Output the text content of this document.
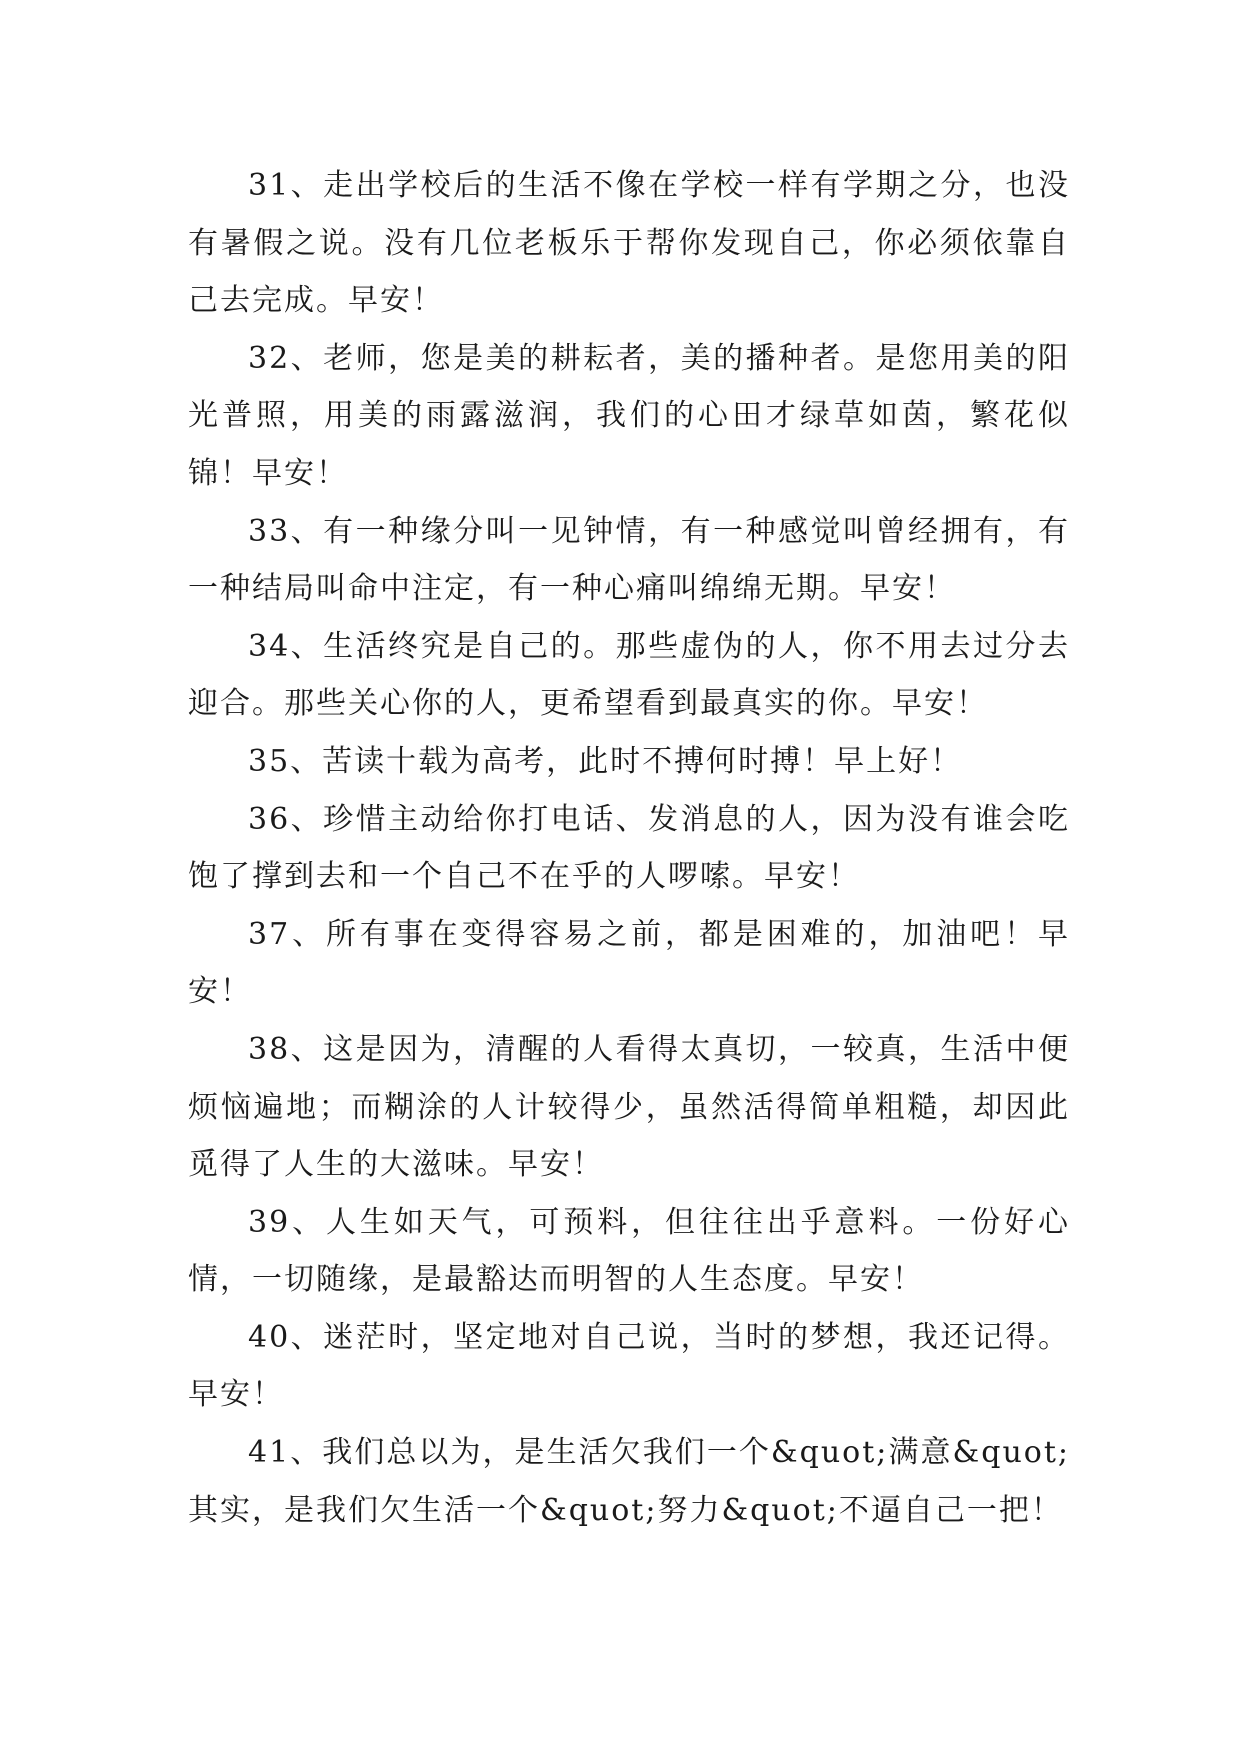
31、走出学校后的生活不像在学校一样有学期之分，也没有暑假之说。没有几位老板乐于帮你发现自己，你必须依靠自己去完成。早安！

32、老师，您是美的耕耘者，美的播种者。是您用美的阳光普照，用美的雨露滋润，我们的心田才绿草如茵，繁花似锦！早安！

33、有一种缘分叫一见钟情，有一种感觉叫曾经拥有，有一种结局叫命中注定，有一种心痛叫绵绵无期。早安！

34、生活终究是自己的。那些虚伪的人，你不用去过分去迎合。那些关心你的人，更希望看到最真实的你。早安！

35、苦读十载为高考，此时不搏何时搏！早上好！

36、珍惜主动给你打电话、发消息的人，因为没有谁会吃饱了撑到去和一个自己不在乎的人啰嗦。早安！

37、所有事在变得容易之前，都是困难的，加油吧！早安！

38、这是因为，清醒的人看得太真切，一较真，生活中便烦恼遍地；而糊涂的人计较得少，虽然活得简单粗糙，却因此觅得了人生的大滋味。早安！

39、人生如天气，可预料，但往往出乎意料。一份好心情，一切随缘，是最豁达而明智的人生态度。早安！

40、迷茫时，坚定地对自己说，当时的梦想，我还记得。早安！

41、我们总以为，是生活欠我们一个&quot;满意&quot;其实，是我们欠生活一个&quot;努力&quot;不逼自己一把！
